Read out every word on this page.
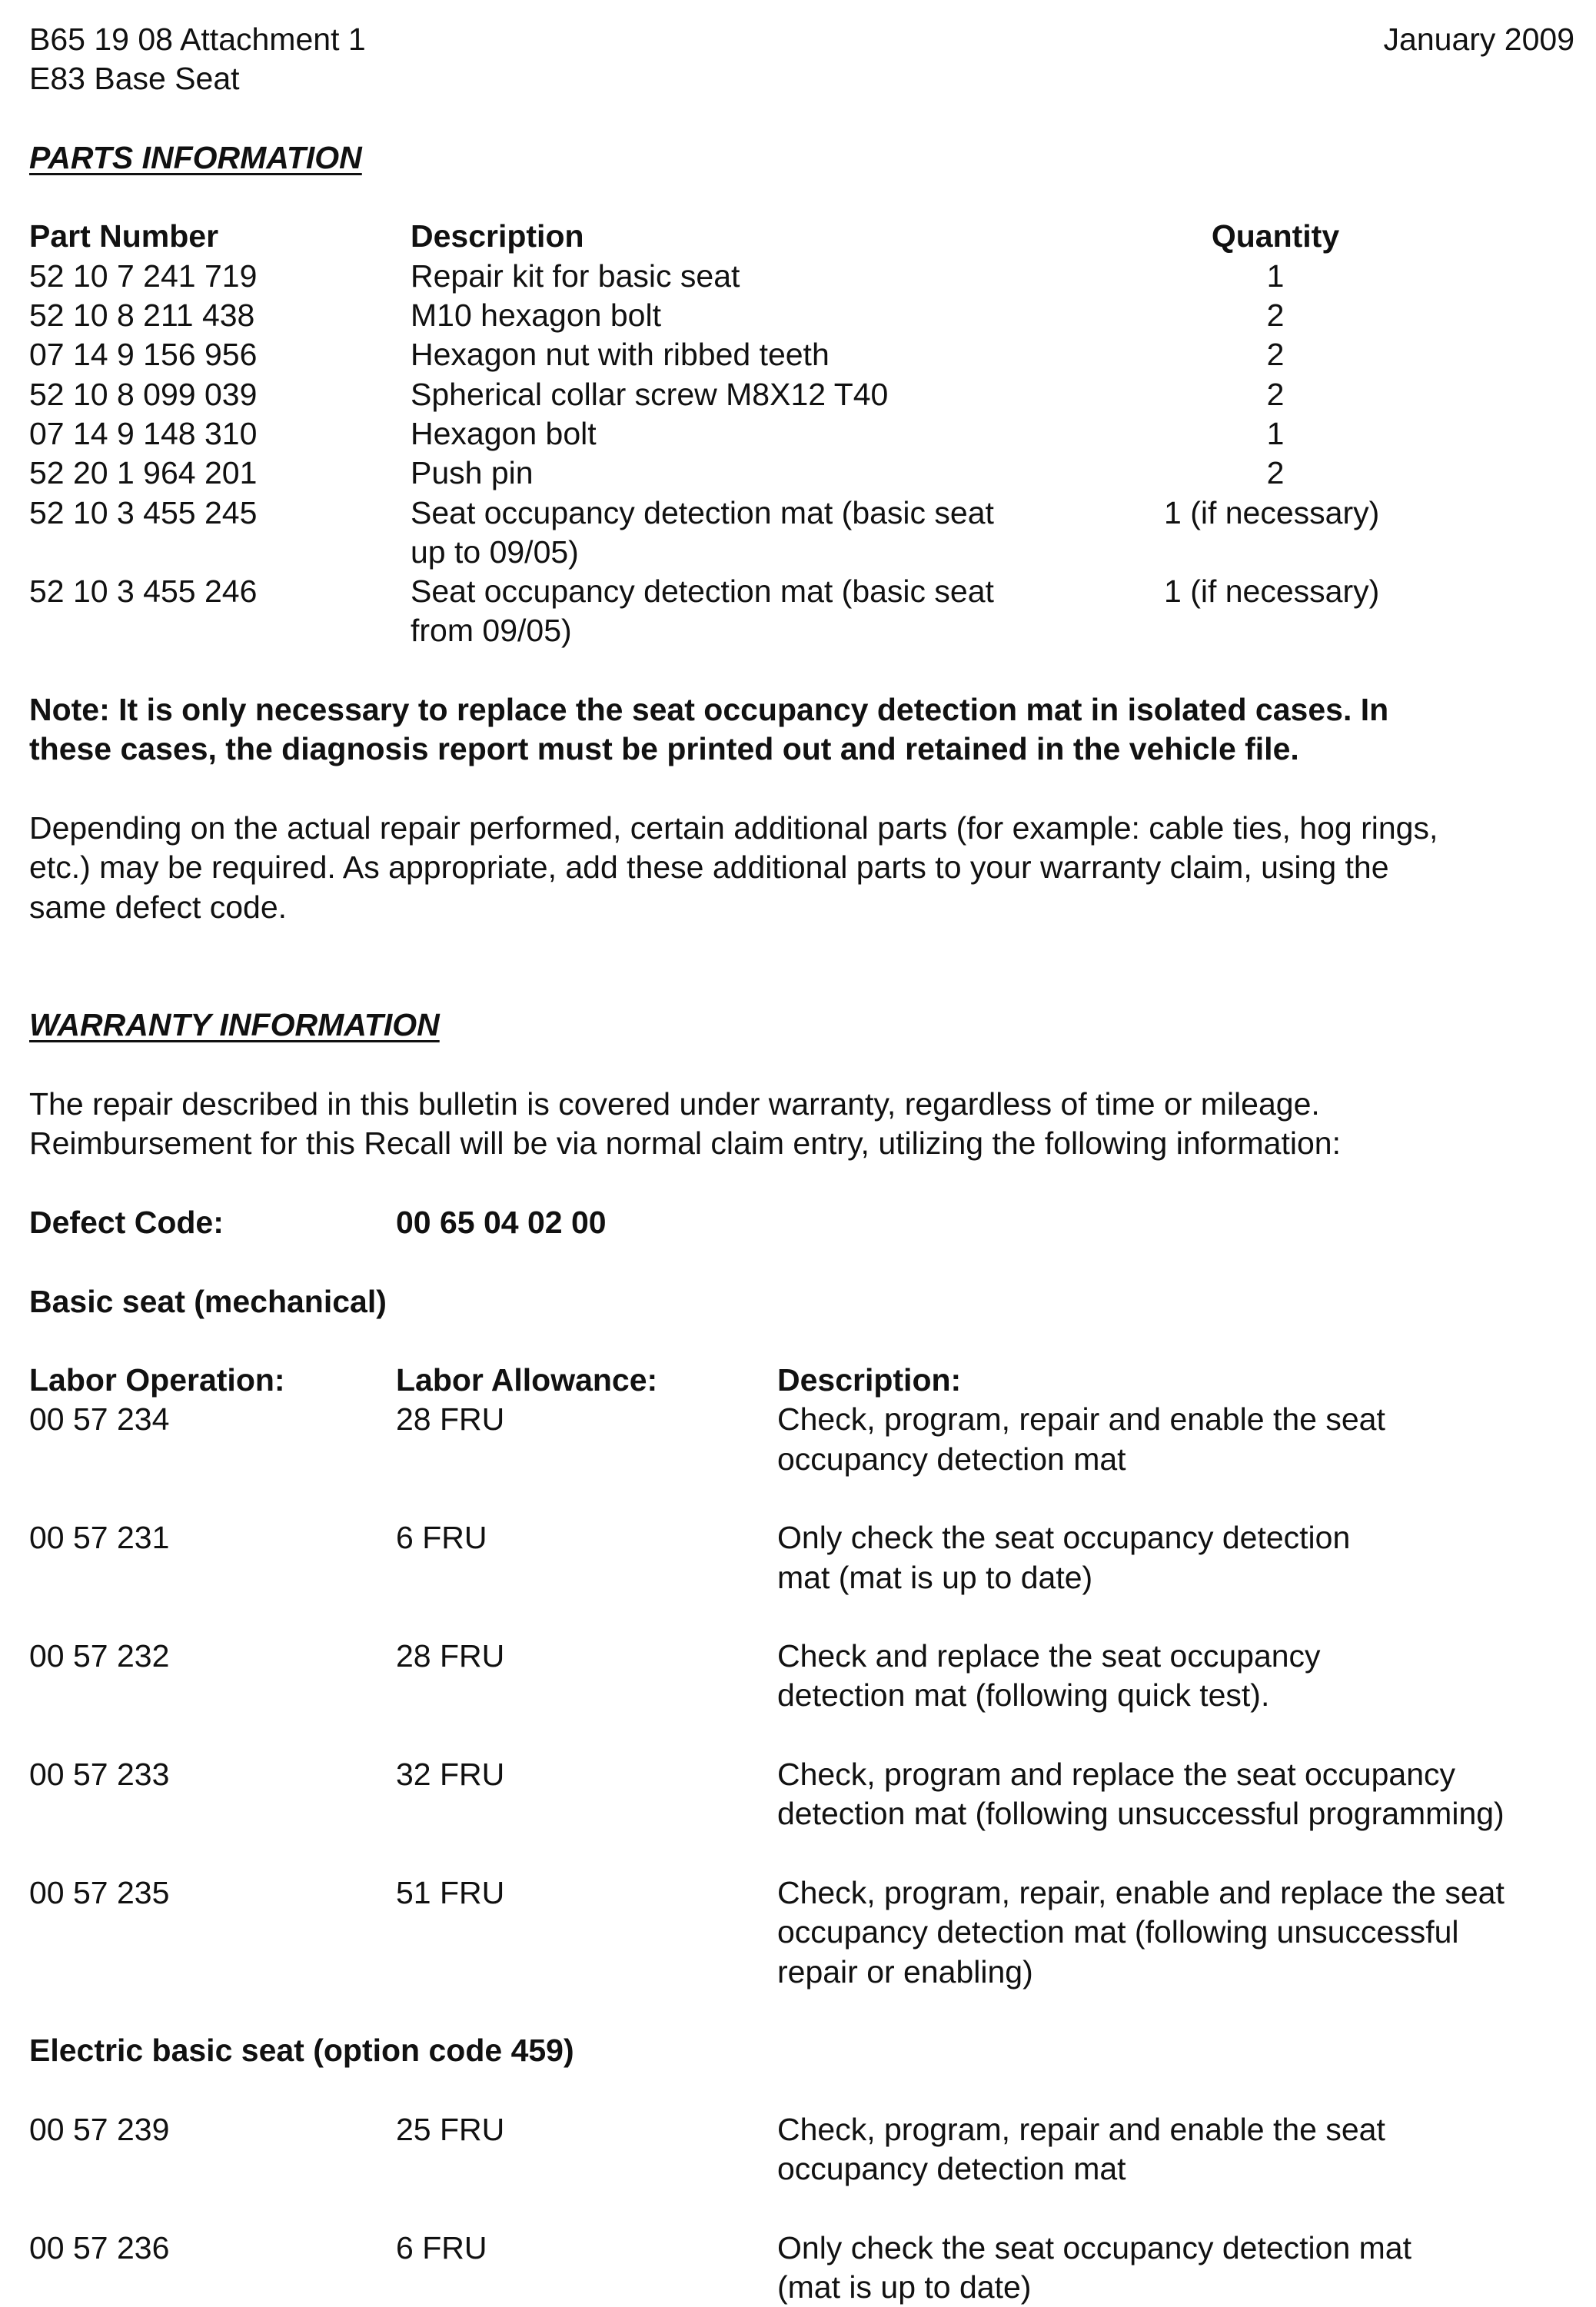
B65 19 08 Attachment 1	January 2009
E83 Base Seat
PARTS INFORMATION
Part Number	Description	Quantity
52 10 7 241 719	Repair kit for basic seat	1
52 10 8 211 438	M10 hexagon bolt	2
07 14 9 156 956	Hexagon nut with ribbed teeth	2
52 10 8 099 039	Spherical collar screw M8X12 T40	2
07 14 9 148 310	Hexagon bolt	1
52 20 1 964 201	Push pin	2
52 10 3 455 245	Seat occupancy detection mat (basic seat	1 (if necessary)
up to 09/05)
52 10 3 455 246	Seat occupancy detection mat (basic seat	1 (if necessary)
from 09/05)
Note: It is only necessary to replace the seat occupancy detection mat in isolated cases. In
these cases, the diagnosis report must be printed out and retained in the vehicle file.
Depending on the actual repair performed, certain additional parts (for example: cable ties, hog rings,
etc.) may be required. As appropriate, add these additional parts to your warranty claim, using the
same defect code.
WARRANTY INFORMATION
The repair described in this bulletin is covered under warranty, regardless of time or mileage.
Reimbursement for this Recall will be via normal claim entry, utilizing the following information:
Defect Code:	00 65 04 02 00
Basic seat (mechanical)
Labor Operation:	Labor Allowance:	Description:
00 57 234	28 FRU	Check, program, repair and enable the seat
occupancy detection mat
00 57 231	6 FRU	Only check the seat occupancy detection
mat (mat is up to date)
00 57 232	28 FRU	Check and replace the seat occupancy
detection mat (following quick test).
00 57 233	32 FRU	Check, program and replace the seat occupancy
detection mat (following unsuccessful programming)
00 57 235	51 FRU	Check, program, repair, enable and replace the seat
occupancy detection mat (following unsuccessful
repair or enabling)
Electric basic seat (option code 459)
00 57 239	25 FRU	Check, program, repair and enable the seat
occupancy detection mat
00 57 236	6 FRU	Only check the seat occupancy detection mat
(mat is up to date)
